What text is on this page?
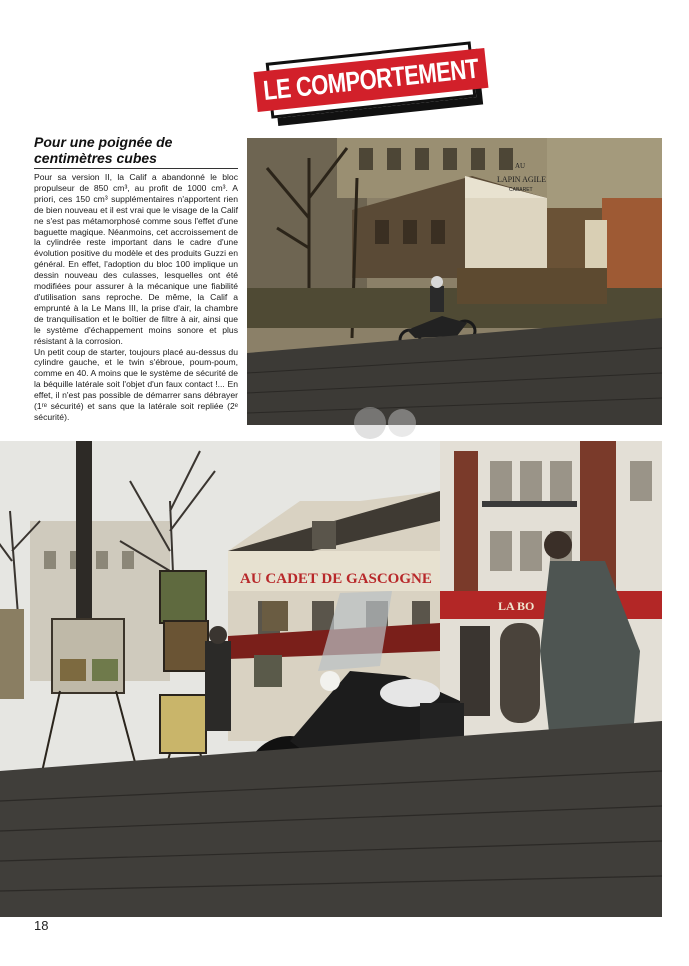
LE COMPORTEMENT
Pour une poignée de centimètres cubes

Pour sa version II, la Calif a abandonné le bloc propulseur de 850 cm³, au profit de 1000 cm³. A priori, ces 150 cm³ supplémentaires n'apportent rien de bien nouveau et il est vrai que le visage de la Calif ne s'est pas métamorphosé comme sous l'effet d'une baguette magique. Néanmoins, cet accroissement de la cylindrée reste important dans le cadre d'une évolution positive du modèle et des produits Guzzi en général. En effet, l'adoption du bloc 100 implique un dessin nouveau des culasses, lesquelles ont été modifiées pour assurer à la mécanique une fiabilité d'utilisation sans reproche. De même, la Calif a emprunté à la Le Mans III, la prise d'air, la chambre de tranquilisation et le boîtier de filtre à air, ainsi que le système d'échappement moins sonore et plus résistant à la corrosion.

Un petit coup de starter, toujours placé au-dessus du cylindre gauche, et le twin s'ébroue, poum-poum, comme en 40. A moins que le système de sécurité de la béquille latérale soit l'objet d'un faux contact !... En effet, il n'est pas possible de démarrer sans débrayer (1ʳᵉ sécurité) et sans que la latérale soit repliée (2ᵉ sécurité).

AU
LAPIN AGILE
CABARET
AU CADET DE GASCOGNE
LA BO
18
